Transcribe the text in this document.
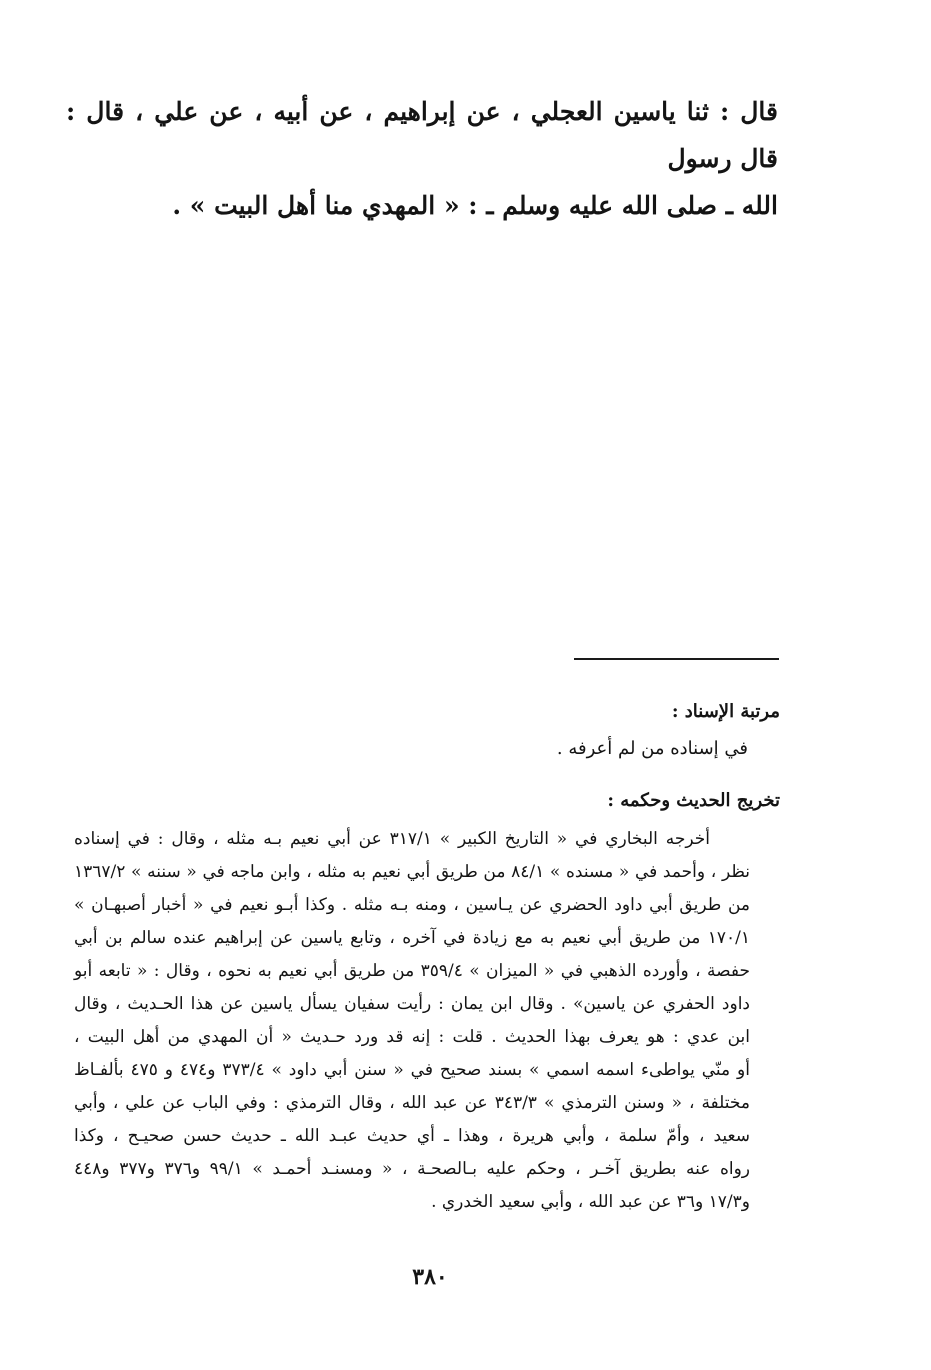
قال : ثنا ياسين العجلي ، عن إبراهيم ، عن أبيه ، عن علي ، قال : قال رسول

الله ـ صلى الله عليه وسلم ـ : « المهدي منا أهل البيت » .

مرتبة الإسناد :

في إسناده من لم أعرفه .

تخريج الحديث وحكمه :

أخرجه البخاري في « التاريخ الكبير » ٣١٧/١ عن أبي نعيم بـه مثله ، وقال : في إسناده
نظر ، وأحمد في « مسنده » ٨٤/١ من طريق أبي نعيم به مثله ، وابن ماجه في « سننه » ١٣٦٧/٢
من طريق أبي داود الحضري عن يـاسين ، ومنه بـه مثله . وكذا أبـو نعيم في « أخبار أصبهـان »
١٧٠/١ من طريق أبي نعيم به مع زيادة في آخره ، وتابع ياسين عن إبراهيم عنده سالم بن أبي
حفصة ، وأورده الذهبي في « الميزان » ٣٥٩/٤ من طريق أبي نعيم به نحوه ، وقال : « تابعه أبو
داود الحفري عن ياسين» . وقال ابن يمان : رأيت سفيان يسأل ياسين عن هذا الحـديث ، وقال
ابن عدي : هو يعرف بهذا الحديث . قلت : إنه قد ورد حـديث « أن المهدي من أهل البيت ،
أو منّي يواطىء اسمه اسمي » بسند صحيح في « سنن أبي داود » ٣٧٣/٤ و٤٧٤ و ٤٧٥ بألفـاظ
مختلفة ، « وسنن الترمذي » ٣٤٣/٣ عن عبد الله ، وقال الترمذي : وفي الباب عن علي ، وأبي
سعيد ، وأمّ سلمة ، وأبي هريرة ، وهذا ـ أي حديث عبـد الله ـ حديث حسن صحيـح ، وكذا
رواه عنه بطريق آخـر ، وحكم عليه بـالصحـة ، « ومسنـد أحمـد » ٩٩/١ و٣٧٦ و٣٧٧ و٤٤٨
و١٧/٣ و٣٦ عن عبد الله ، وأبي سعيد الخدري .

٣٨٠
